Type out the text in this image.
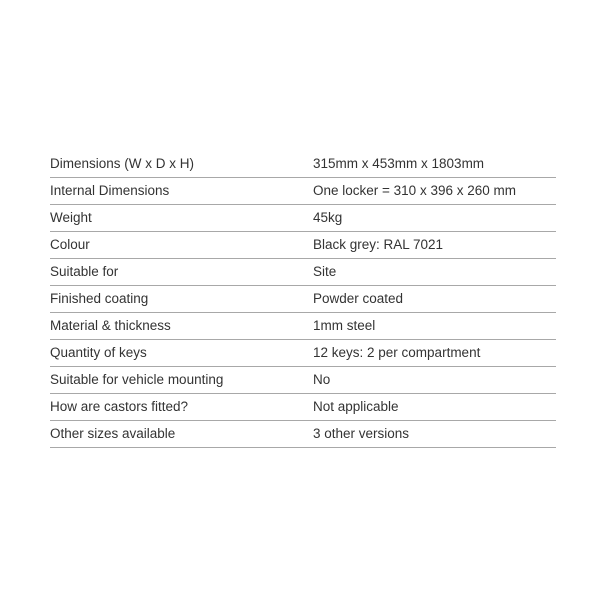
Dimensions (W x D x H)	315mm x 453mm x 1803mm
Internal Dimensions	One locker = 310 x 396 x 260 mm
Weight	45kg
Colour	Black grey: RAL 7021
Suitable for	Site
Finished coating	Powder coated
Material & thickness	1mm steel
Quantity of keys	12 keys: 2 per compartment
Suitable for vehicle mounting	No
How are castors fitted?	Not applicable
Other sizes available	3 other versions
